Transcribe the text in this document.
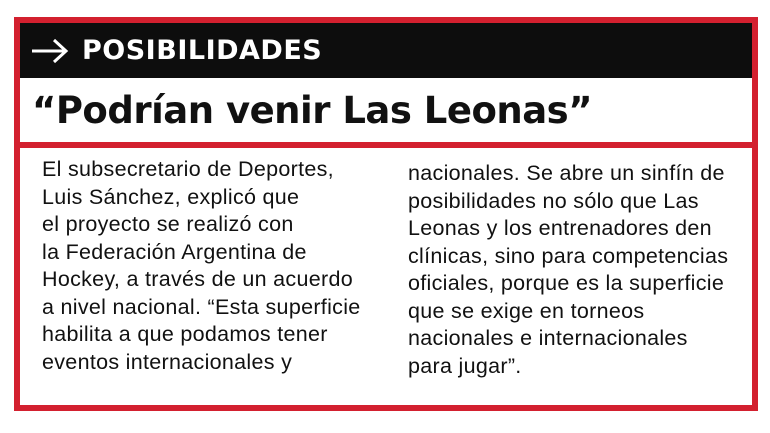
POSIBILIDADES
“Podrían venir Las Leonas”
El subsecretario de Deportes,
Luis Sánchez, explicó que
el proyecto se realizó con
la Federación Argentina de
Hockey, a través de un acuerdo
a nivel nacional. “Esta superficie
habilita a que podamos tener
eventos internacionales y
nacionales. Se abre un sinfín de
posibilidades no sólo que Las
Leonas y los entrenadores den
clínicas, sino para competencias
oficiales, porque es la superficie
que se exige en torneos
nacionales e internacionales
para jugar”.
